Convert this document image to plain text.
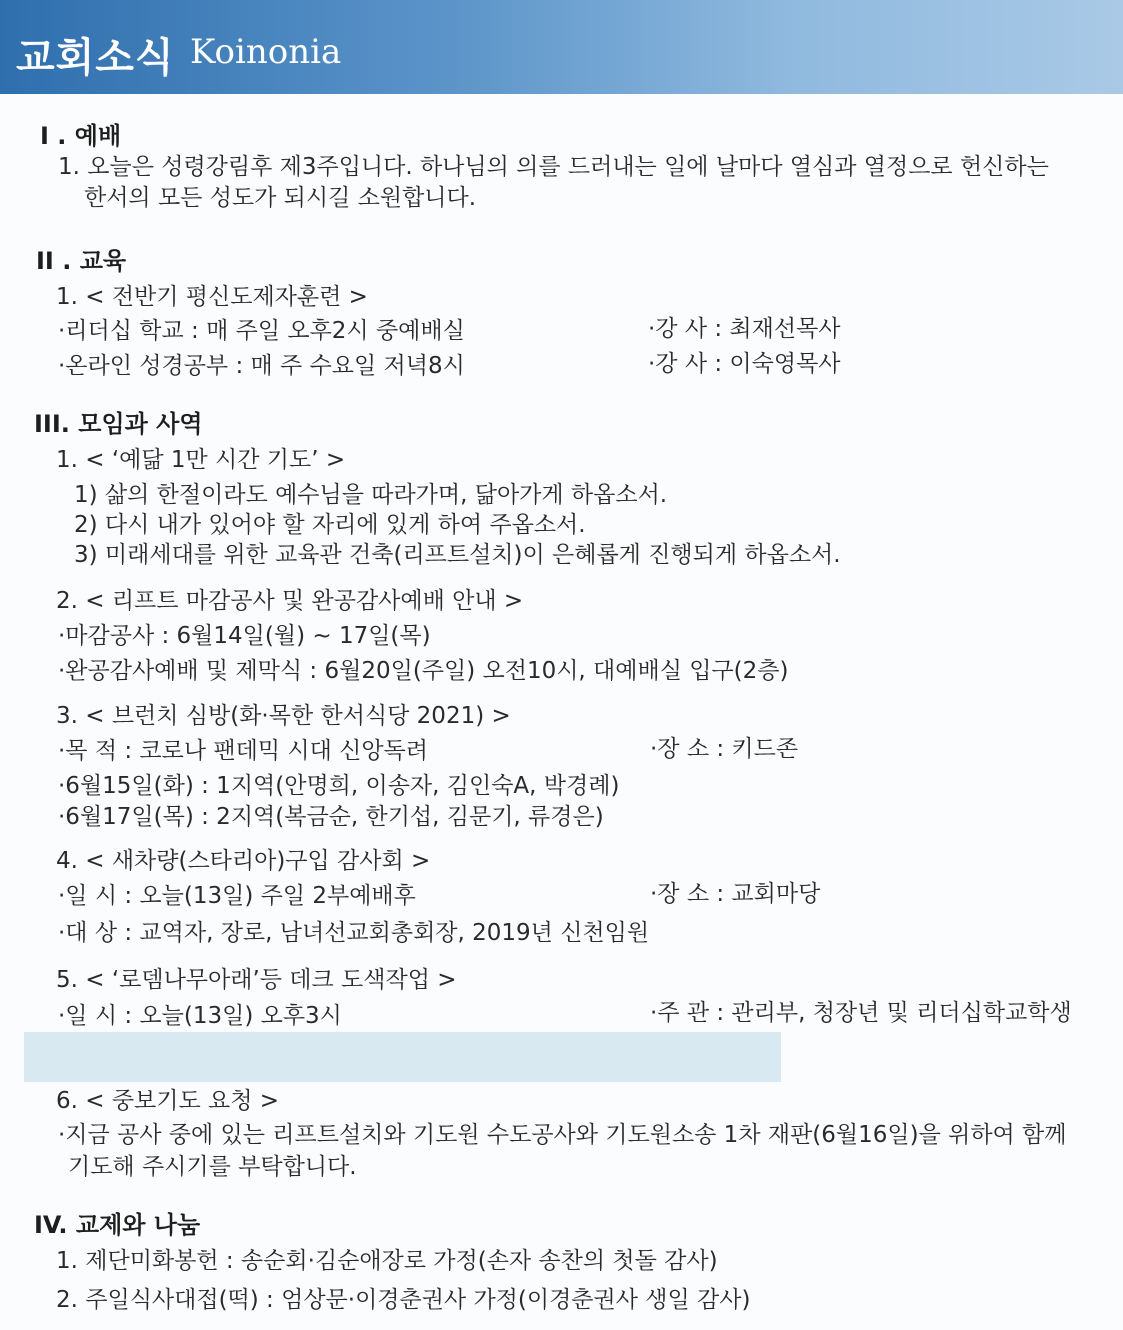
교회소식 Koinonia
I . 예배
1. 오늘은 성령강림후 제3주입니다. 하나님의 의를 드러내는 일에 날마다 열심과 열정으로 헌신하는
한서의 모든 성도가 되시길 소원합니다.
II . 교육
1. < 전반기 평신도제자훈련 >
·리더십 학교 : 매 주일 오후2시 중예배실	·강 사 : 최재선목사
·온라인 성경공부 : 매 주 수요일 저녁8시	·강 사 : 이숙영목사
III. 모임과 사역
1. < ‘예닮 1만 시간 기도’ >
1) 삶의 한절이라도 예수님을 따라가며, 닮아가게 하옵소서.
2) 다시 내가 있어야 할 자리에 있게 하여 주옵소서.
3) 미래세대를 위한 교육관 건축(리프트설치)이 은혜롭게 진행되게 하옵소서.
2. < 리프트 마감공사 및 완공감사예배 안내 >
·마감공사 : 6월14일(월) ~ 17일(목)
·완공감사예배 및 제막식 : 6월20일(주일) 오전10시, 대예배실 입구(2층)
3. < 브런치 심방(화·목한 한서식당 2021) >
·목 적 : 코로나 팬데믹 시대 신앙독려	·장 소 : 키드존
·6월15일(화) : 1지역(안명희, 이송자, 김인숙A, 박경례)
·6월17일(목) : 2지역(복금순, 한기섭, 김문기, 류경은)
4. < 새차량(스타리아)구입 감사회 >
·일 시 : 오늘(13일) 주일 2부예배후	·장 소 : 교회마당
·대 상 : 교역자, 장로, 남녀선교회총회장, 2019년 신천임원
5. < ‘로뎀나무아래’등 데크 도색작업 >
·일 시 : 오늘(13일) 오후3시	·주 관 : 관리부, 청장년 및 리더십학교학생
6. < 중보기도 요청 >
·지금 공사 중에 있는 리프트설치와 기도원 수도공사와 기도원소송 1차 재판(6월16일)을 위하여 함께
기도해 주시기를 부탁합니다.
IV. 교제와 나눔
1. 제단미화봉헌 : 송순회·김순애장로 가정(손자 송찬의 첫돌 감사)
2. 주일식사대접(떡) : 엄상문·이경춘권사 가정(이경춘권사 생일 감사)
